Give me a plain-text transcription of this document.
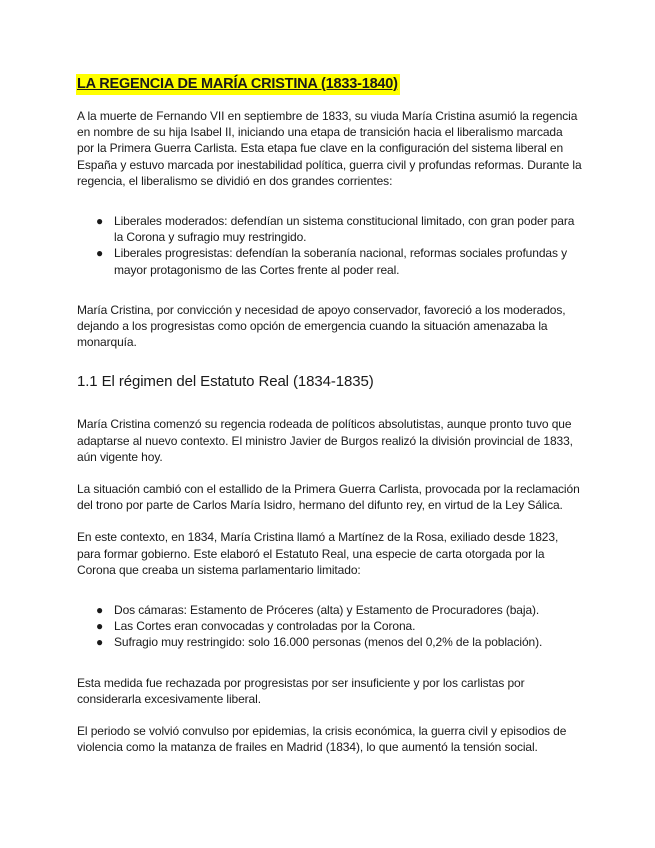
LA REGENCIA DE MARÍA CRISTINA (1833-1840)

A la muerte de Fernando VII en septiembre de 1833, su viuda María Cristina asumió la regencia en nombre de su hija Isabel II, iniciando una etapa de transición hacia el liberalismo marcada por la Primera Guerra Carlista. Esta etapa fue clave en la configuración del sistema liberal en España y estuvo marcada por inestabilidad política, guerra civil y profundas reformas. Durante la regencia, el liberalismo se dividió en dos grandes corrientes:

● Liberales moderados: defendían un sistema constitucional limitado, con gran poder para la Corona y sufragio muy restringido.
● Liberales progresistas: defendían la soberanía nacional, reformas sociales profundas y mayor protagonismo de las Cortes frente al poder real.

María Cristina, por convicción y necesidad de apoyo conservador, favoreció a los moderados, dejando a los progresistas como opción de emergencia cuando la situación amenazaba la monarquía.

1.1 El régimen del Estatuto Real (1834-1835)

María Cristina comenzó su regencia rodeada de políticos absolutistas, aunque pronto tuvo que adaptarse al nuevo contexto. El ministro Javier de Burgos realizó la división provincial de 1833, aún vigente hoy.

La situación cambió con el estallido de la Primera Guerra Carlista, provocada por la reclamación del trono por parte de Carlos María Isidro, hermano del difunto rey, en virtud de la Ley Sálica.

En este contexto, en 1834, María Cristina llamó a Martínez de la Rosa, exiliado desde 1823, para formar gobierno. Este elaboró el Estatuto Real, una especie de carta otorgada por la Corona que creaba un sistema parlamentario limitado:

● Dos cámaras: Estamento de Próceres (alta) y Estamento de Procuradores (baja).
● Las Cortes eran convocadas y controladas por la Corona.
● Sufragio muy restringido: solo 16.000 personas (menos del 0,2% de la población).

Esta medida fue rechazada por progresistas por ser insuficiente y por los carlistas por considerarla excesivamente liberal.

El periodo se volvió convulso por epidemias, la crisis económica, la guerra civil y episodios de violencia como la matanza de frailes en Madrid (1834), lo que aumentó la tensión social.
